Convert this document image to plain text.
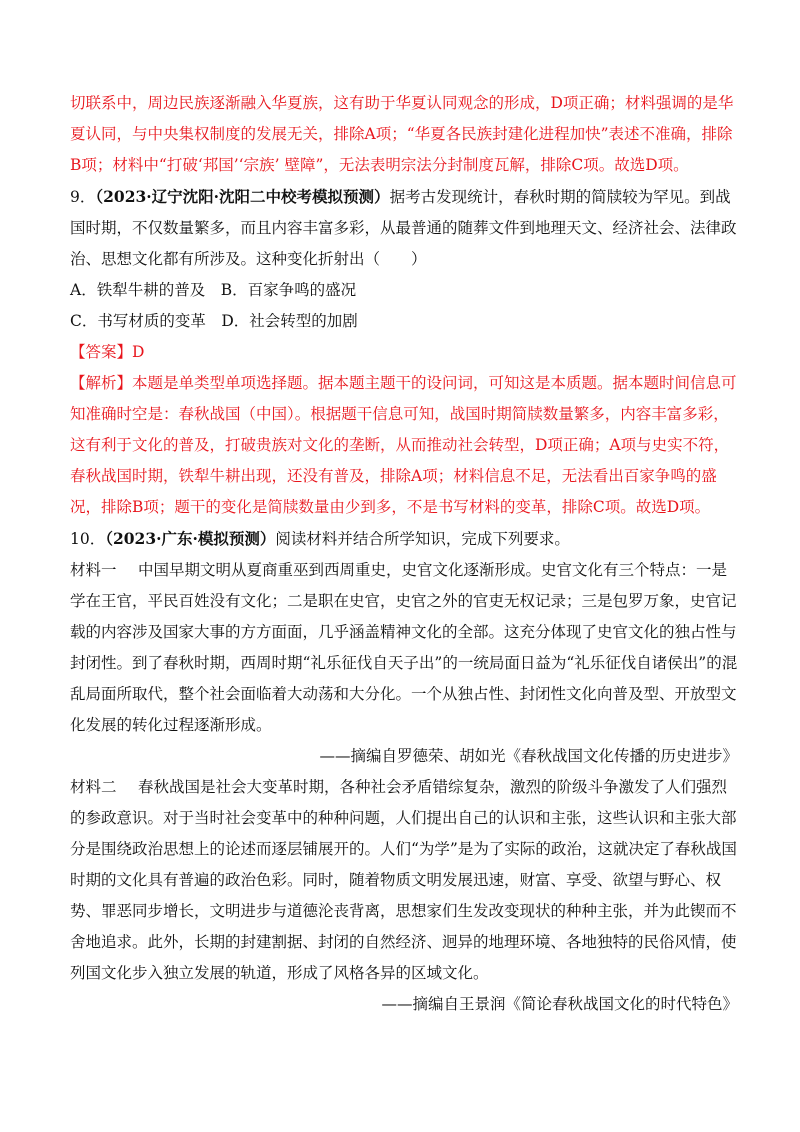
切联系中，周边民族逐渐融入华夏族，这有助于华夏认同观念的形成，D项正确；材料强调的是华夏认同，与中央集权制度的发展无关，排除A项；“华夏各民族封建化进程加快”表述不准确，排除B项；材料中“打破‘邦国’‘宗族’ 壁障”，无法表明宗法分封制度瓦解，排除C项。故选D项。

9．（2023·辽宁沈阳·沈阳二中校考模拟预测）据考古发现统计，春秋时期的简牍较为罕见。到战国时期，不仅数量繁多，而且内容丰富多彩，从最普通的随葬文件到地理天文、经济社会、法律政治、思想文化都有所涉及。这种变化折射出（　　）

A．铁犁牛耕的普及　B．百家争鸣的盛况

C．书写材质的变革　D．社会转型的加剧

【答案】D

【解析】本题是单类型单项选择题。据本题主题干的设问词，可知这是本质题。据本题时间信息可知准确时空是：春秋战国（中国）。根据题干信息可知，战国时期简牍数量繁多，内容丰富多彩，这有利于文化的普及，打破贵族对文化的垄断，从而推动社会转型，D项正确；A项与史实不符，春秋战国时期，铁犁牛耕出现，还没有普及，排除A项；材料信息不足，无法看出百家争鸣的盛况，排除B项；题干的变化是简牍数量由少到多，不是书写材料的变革，排除C项。故选D项。

10．（2023·广东·模拟预测）阅读材料并结合所学知识，完成下列要求。

材料一 中国早期文明从夏商重巫到西周重史，史官文化逐渐形成。史官文化有三个特点：一是学在王官，平民百姓没有文化；二是职在史官，史官之外的官吏无权记录；三是包罗万象，史官记载的内容涉及国家大事的方方面面，几乎涵盖精神文化的全部。这充分体现了史官文化的独占性与封闭性。到了春秋时期，西周时期“礼乐征伐自天子出”的一统局面日益为“礼乐征伐自诸侯出”的混乱局面所取代，整个社会面临着大动荡和大分化。一个从独占性、封闭性文化向普及型、开放型文化发展的转化过程逐渐形成。

——摘编自罗德荣、胡如光《春秋战国文化传播的历史进步》

材料二 春秋战国是社会大变革时期，各种社会矛盾错综复杂，激烈的阶级斗争激发了人们强烈的参政意识。对于当时社会变革中的种种问题，人们提出自己的认识和主张，这些认识和主张大部分是围绕政治思想上的论述而逐层铺展开的。人们“为学”是为了实际的政治，这就决定了春秋战国时期的文化具有普遍的政治色彩。同时，随着物质文明发展迅速，财富、享受、欲望与野心、权势、罪恶同步增长，文明进步与道德沦丧背离，思想家们生发改变现状的种种主张，并为此锲而不舍地追求。此外，长期的封建割据、封闭的自然经济、迥异的地理环境、各地独特的民俗风情，使列国文化步入独立发展的轨道，形成了风格各异的区域文化。

——摘编自王景润《简论春秋战国文化的时代特色》
